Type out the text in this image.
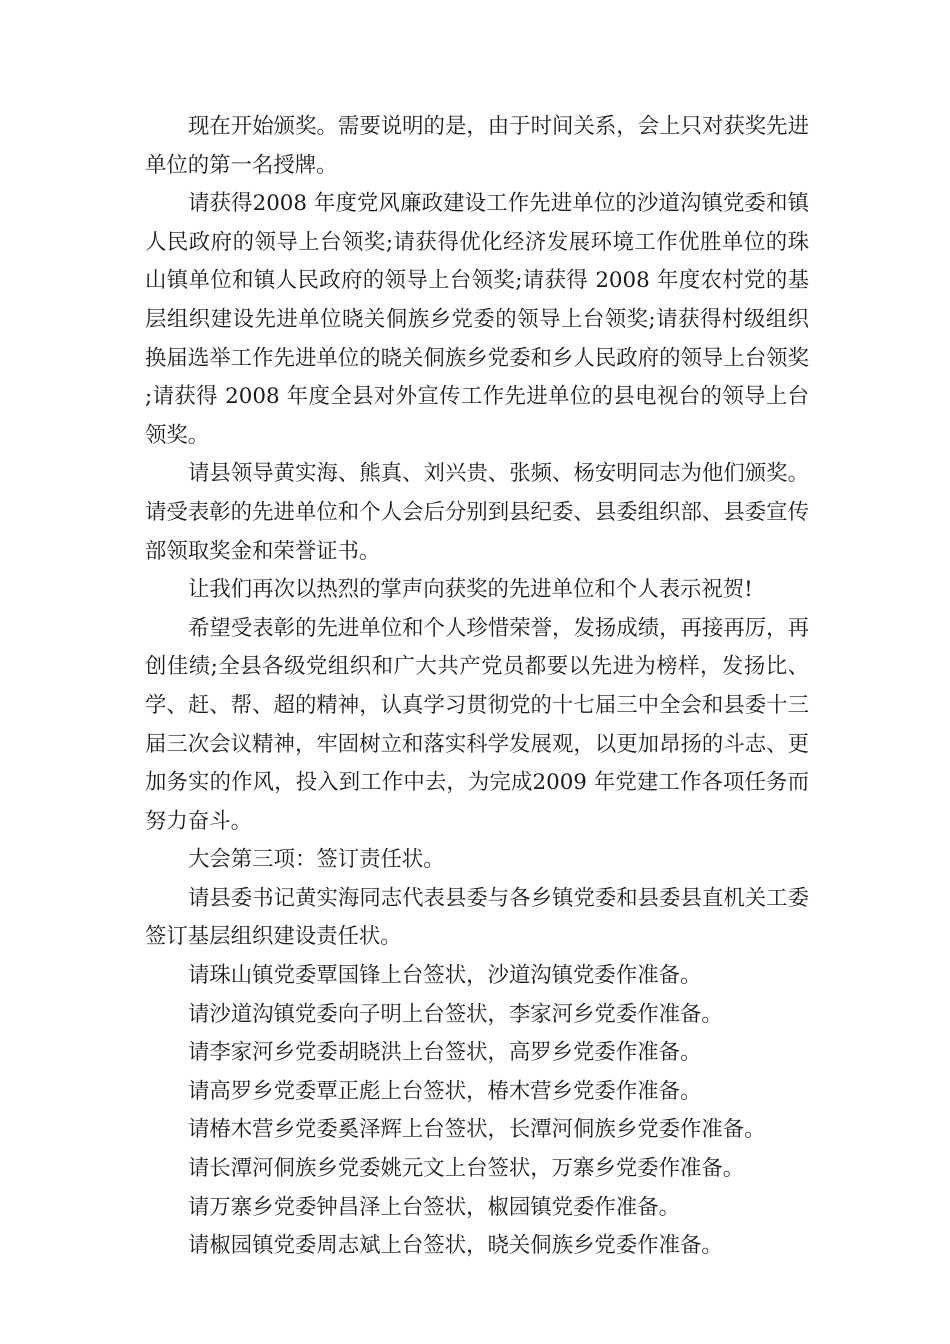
现在开始颁奖。需要说明的是，由于时间关系，会上只对获奖先进单位的第一名授牌。

请获得2008 年度党风廉政建设工作先进单位的沙道沟镇党委和镇人民政府的领导上台领奖;请获得优化经济发展环境工作优胜单位的珠山镇单位和镇人民政府的领导上台领奖;请获得 2008 年度农村党的基层组织建设先进单位晓关侗族乡党委的领导上台领奖;请获得村级组织换届选举工作先进单位的晓关侗族乡党委和乡人民政府的领导上台领奖;请获得 2008 年度全县对外宣传工作先进单位的县电视台的领导上台领奖。

请县领导黄实海、熊真、刘兴贵、张频、杨安明同志为他们颁奖。请受表彰的先进单位和个人会后分别到县纪委、县委组织部、县委宣传部领取奖金和荣誉证书。

让我们再次以热烈的掌声向获奖的先进单位和个人表示祝贺!

希望受表彰的先进单位和个人珍惜荣誉，发扬成绩，再接再厉，再创佳绩;全县各级党组织和广大共产党员都要以先进为榜样，发扬比、学、赶、帮、超的精神，认真学习贯彻党的十七届三中全会和县委十三届三次会议精神，牢固树立和落实科学发展观，以更加昂扬的斗志、更加务实的作风，投入到工作中去，为完成2009 年党建工作各项任务而努力奋斗。

大会第三项：签订责任状。

请县委书记黄实海同志代表县委与各乡镇党委和县委县直机关工委签订基层组织建设责任状。

请珠山镇党委覃国锋上台签状，沙道沟镇党委作准备。

请沙道沟镇党委向子明上台签状，李家河乡党委作准备。

请李家河乡党委胡晓洪上台签状，高罗乡党委作准备。

请高罗乡党委覃正彪上台签状，椿木营乡党委作准备。

请椿木营乡党委奚泽辉上台签状，长潭河侗族乡党委作准备。

请长潭河侗族乡党委姚元文上台签状，万寨乡党委作准备。

请万寨乡党委钟昌泽上台签状，椒园镇党委作准备。

请椒园镇党委周志斌上台签状，晓关侗族乡党委作准备。
